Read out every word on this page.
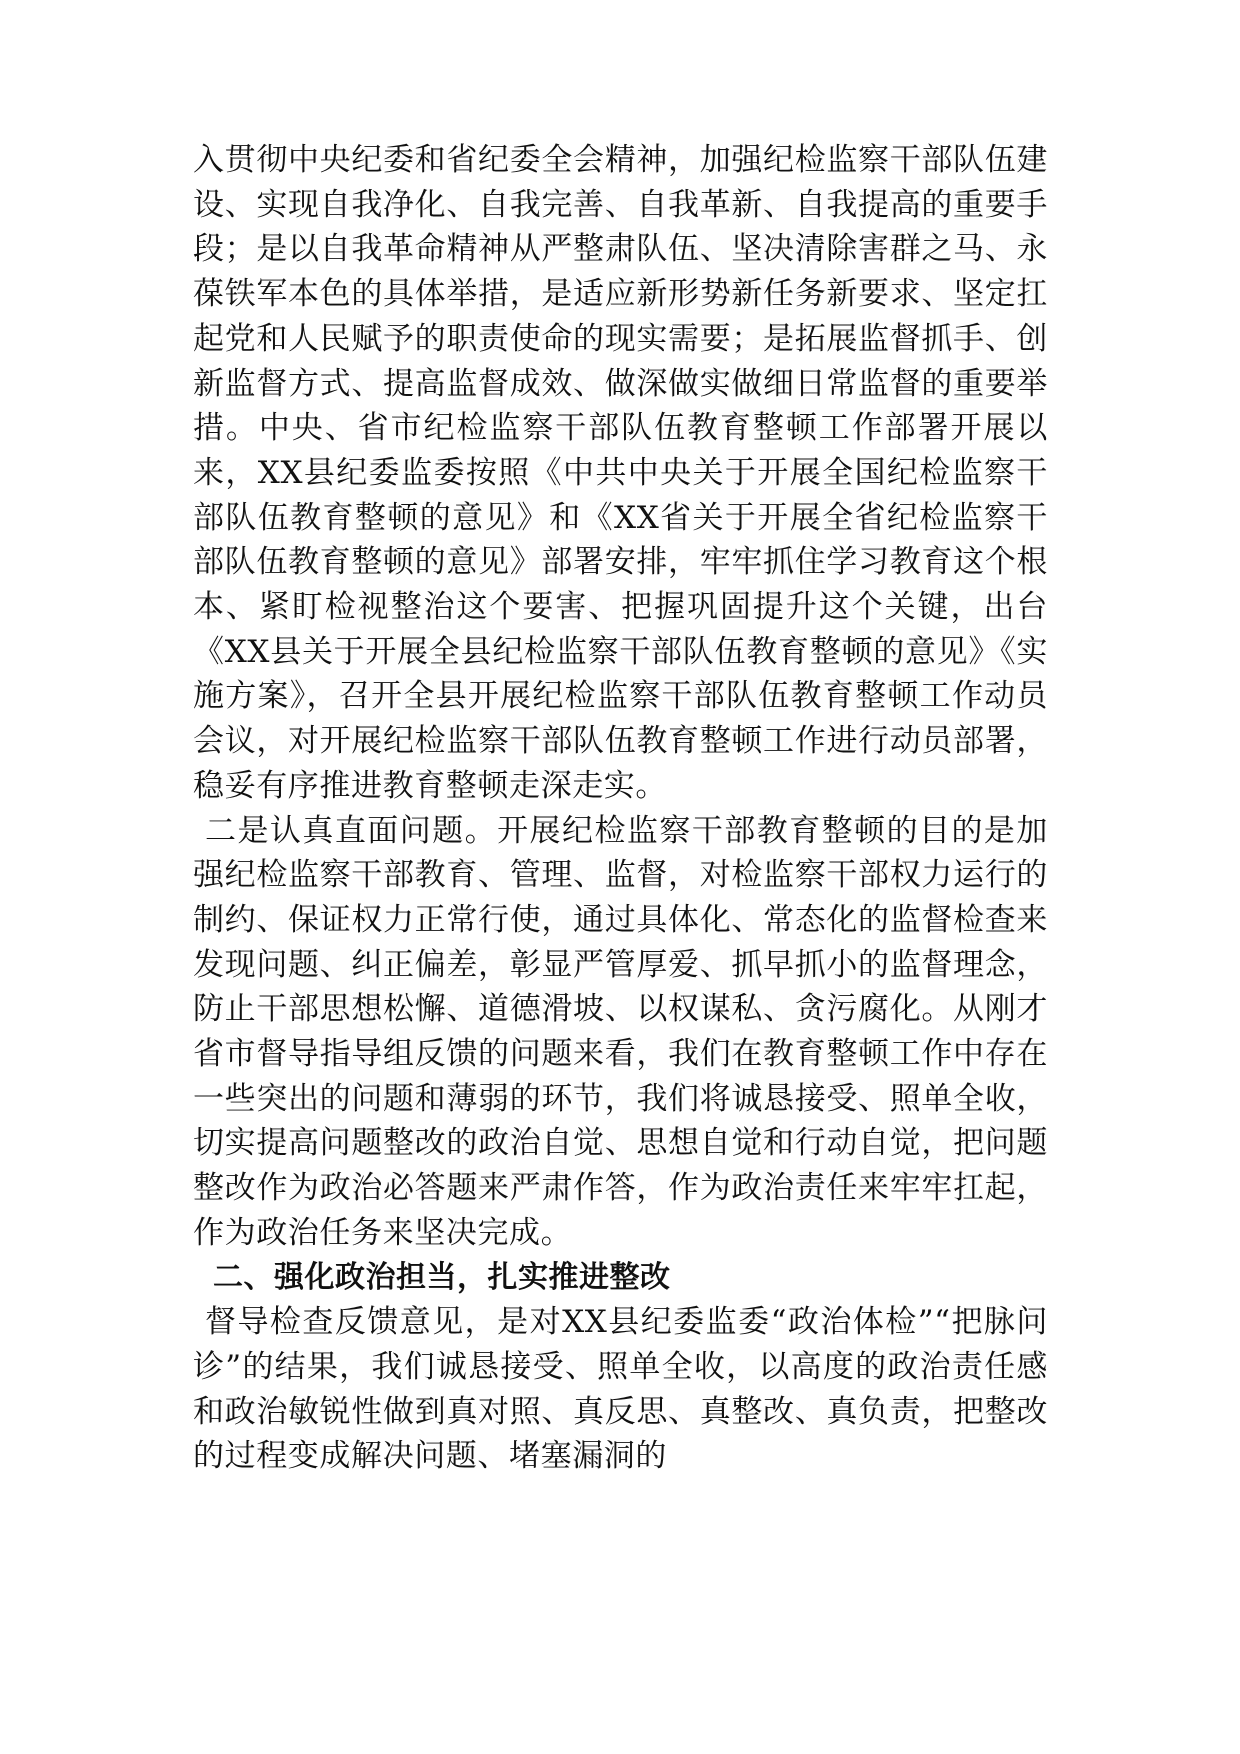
入贯彻中央纪委和省纪委全会精神，加强纪检监察干部队伍建设、实现自我净化、自我完善、自我革新、自我提高的重要手段；是以自我革命精神从严整肃队伍、坚决清除害群之马、永葆铁军本色的具体举措，是适应新形势新任务新要求、坚定扛起党和人民赋予的职责使命的现实需要；是拓展监督抓手、创新监督方式、提高监督成效、做深做实做细日常监督的重要举措。中央、省市纪检监察干部队伍教育整顿工作部署开展以来，XX县纪委监委按照《中共中央关于开展全国纪检监察干部队伍教育整顿的意见》和《XX省关于开展全省纪检监察干部队伍教育整顿的意见》部署安排，牢牢抓住学习教育这个根本、紧盯检视整治这个要害、把握巩固提升这个关键，出台《XX县关于开展全县纪检监察干部队伍教育整顿的意见》《实施方案》，召开全县开展纪检监察干部队伍教育整顿工作动员会议，对开展纪检监察干部队伍教育整顿工作进行动员部署，稳妥有序推进教育整顿走深走实。

二是认真直面问题。开展纪检监察干部教育整顿的目的是加强纪检监察干部教育、管理、监督，对检监察干部权力运行的制约、保证权力正常行使，通过具体化、常态化的监督检查来发现问题、纠正偏差，彰显严管厚爱、抓早抓小的监督理念，防止干部思想松懈、道德滑坡、以权谋私、贪污腐化。从刚才省市督导指导组反馈的问题来看，我们在教育整顿工作中存在一些突出的问题和薄弱的环节，我们将诚恳接受、照单全收，切实提高问题整改的政治自觉、思想自觉和行动自觉，把问题整改作为政治必答题来严肃作答，作为政治责任来牢牢扛起，作为政治任务来坚决完成。

二、强化政治担当，扎实推进整改

督导检查反馈意见，是对XX县纪委监委“政治体检”“把脉问诊”的结果，我们诚恳接受、照单全收，以高度的政治责任感和政治敏锐性做到真对照、真反思、真整改、真负责，把整改的过程变成解决问题、堵塞漏洞的
